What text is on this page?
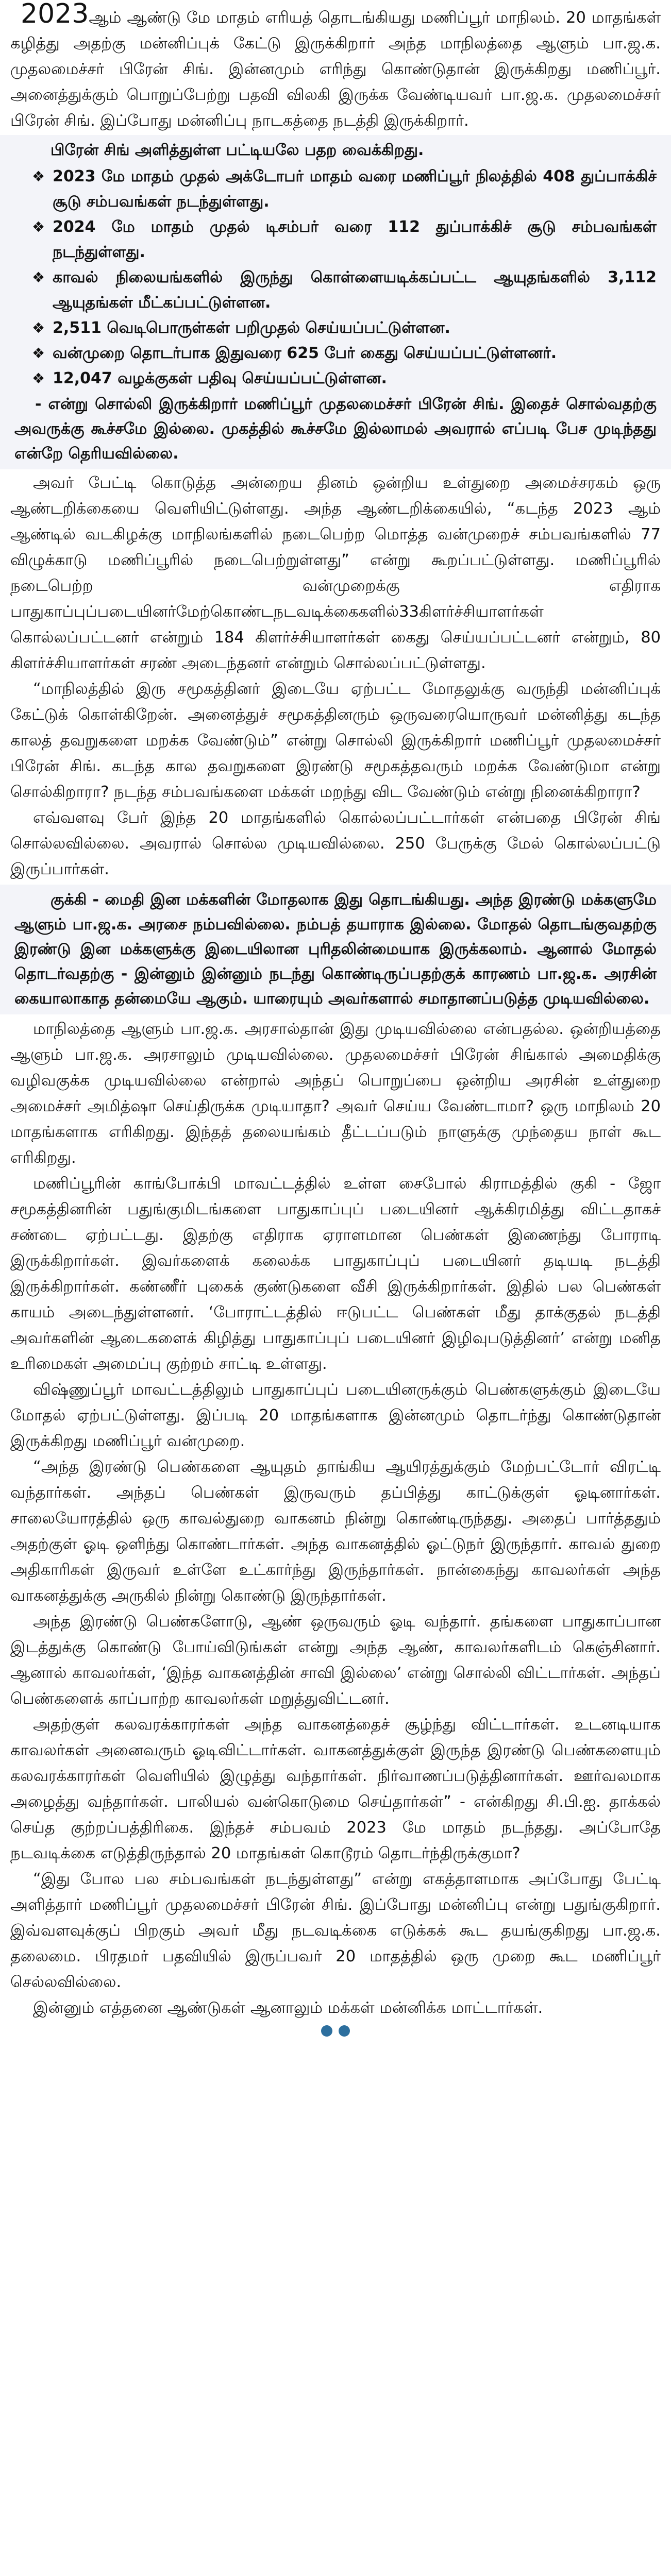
2023ஆம் ஆண்டு மே மாதம் எரியத் தொடங்கியது மணிப்பூர் மாநிலம். 20 மாதங்கள் கழித்து அதற்கு மன்னிப்புக் கேட்டு இருக்கிறார் அந்த மாநிலத்தை ஆளும் பா.ஜ.க. முதலமைச்சர் பிரேன் சிங். இன்னமும் எரிந்து கொண்டுதான் இருக்கிறது மணிப்பூர். அனைத்துக்கும் பொறுப்பேற்று பதவி விலகி இருக்க வேண்டியவர் பா.ஜ.க. முதலமைச்சர் பிரேன் சிங். இப்போது மன்னிப்பு நாடகத்தை நடத்தி இருக்கிறார்.

பிரேன் சிங் அளித்துள்ள பட்டியலே பதற வைக்கிறது.

❖ 2023 மே மாதம் முதல் அக்டோபர் மாதம் வரை மணிப்பூர் நிலத்தில் 408 துப்பாக்கிச் சூடு சம்பவங்கள் நடந்துள்ளது.
❖ 2024 மே மாதம் முதல் டிசம்பர் வரை 112 துப்பாக்கிச் சூடு சம்பவங்கள் நடந்துள்ளது.
❖ காவல் நிலையங்களில் இருந்து கொள்ளையடிக்கப்பட்ட ஆயுதங்களில் 3,112 ஆயுதங்கள் மீட்கப்பட்டுள்ளன.
❖ 2,511 வெடிபொருள்கள் பறிமுதல் செய்யப்பட்டுள்ளன.
❖ வன்முறை தொடர்பாக இதுவரை 625 பேர் கைது செய்யப்பட்டுள்ளனர்.
❖ 12,047 வழக்குகள் பதிவு செய்யப்பட்டுள்ளன.

- என்று சொல்லி இருக்கிறார் மணிப்பூர் முதலமைச்சர் பிரேன் சிங். இதைச் சொல்வதற்கு அவருக்கு கூச்சமே இல்லை. முகத்தில் கூச்சமே இல்லாமல் அவரால் எப்படி பேச முடிந்தது என்றே தெரியவில்லை.

அவர் பேட்டி கொடுத்த அன்றைய தினம் ஒன்றிய உள்துறை அமைச்சரகம் ஒரு ஆண்டறிக்கையை வெளியிட்டுள்ளது. அந்த ஆண்டறிக்கையில், “கடந்த 2023 ஆம் ஆண்டில் வடகிழக்கு மாநிலங்களில் நடைபெற்ற மொத்த வன்முறைச் சம்பவங்களில் 77 விழுக்காடு மணிப்பூரில் நடைபெற்றுள்ளது” என்று கூறப்பட்டுள்ளது. மணிப்பூரில் நடைபெற்ற வன்முறைக்கு எதிராக பாதுகாப்புப்படையினர்மேற்கொண்டநடவடிக்கைகளில்33கிளர்ச்சியாளர்கள் கொல்லப்பட்டனர் என்றும் 184 கிளர்ச்சியாளர்கள் கைது செய்யப்பட்டனர் என்றும், 80 கிளர்ச்சியாளர்கள் சரண் அடைந்தனர் என்றும் சொல்லப்பட்டுள்ளது.

“மாநிலத்தில் இரு சமூகத்தினர் இடையே ஏற்பட்ட மோதலுக்கு வருந்தி மன்னிப்புக் கேட்டுக் கொள்கிறேன். அனைத்துச் சமூகத்தினரும் ஒருவரையொருவர் மன்னித்து கடந்த காலத் தவறுகளை மறக்க வேண்டும்” என்று சொல்லி இருக்கிறார் மணிப்பூர் முதலமைச்சர் பிரேன் சிங். கடந்த கால தவறுகளை இரண்டு சமூகத்தவரும் மறக்க வேண்டுமா என்று சொல்கிறாரா? நடந்த சம்பவங்களை மக்கள் மறந்து விட வேண்டும் என்று நினைக்கிறாரா?

எவ்வளவு பேர் இந்த 20 மாதங்களில் கொல்லப்பட்டார்கள் என்பதை பிரேன் சிங் சொல்லவில்லை. அவரால் சொல்ல முடியவில்லை. 250 பேருக்கு மேல் கொல்லப்பட்டு இருப்பார்கள்.

குக்கி - மைதி இன மக்களின் மோதலாக இது தொடங்கியது. அந்த இரண்டு மக்களுமே ஆளும் பா.ஜ.க. அரசை நம்பவில்லை. நம்பத் தயாராக இல்லை. மோதல் தொடங்குவதற்கு இரண்டு இன மக்களுக்கு இடையிலான புரிதலின்மையாக இருக்கலாம். ஆனால் மோதல் தொடர்வதற்கு - இன்னும் இன்னும் நடந்து கொண்டிருப்பதற்குக் காரணம் பா.ஜ.க. அரசின் கையாலாகாத தன்மையே ஆகும். யாரையும் அவர்களால் சமாதானப்படுத்த முடியவில்லை.

மாநிலத்தை ஆளும் பா.ஜ.க. அரசால்தான் இது முடியவில்லை என்பதல்ல. ஒன்றியத்தை ஆளும் பா.ஜ.க. அரசாலும் முடியவில்லை. முதலமைச்சர் பிரேன் சிங்கால் அமைதிக்கு வழிவகுக்க முடியவில்லை என்றால் அந்தப் பொறுப்பை ஒன்றிய அரசின் உள்துறை அமைச்சர் அமித்ஷா செய்திருக்க முடியாதா? அவர் செய்ய வேண்டாமா? ஒரு மாநிலம் 20 மாதங்களாக எரிகிறது. இந்தத் தலையங்கம் தீட்டப்படும் நாளுக்கு முந்தைய நாள் கூட எரிகிறது.

மணிப்பூரின் காங்போக்பி மாவட்டத்தில் உள்ள சைபோல் கிராமத்தில் குகி - ஜோ சமூகத்தினரின் பதுங்குமிடங்களை பாதுகாப்புப் படையினர் ஆக்கிரமித்து விட்டதாகச் சண்டை ஏற்பட்டது. இதற்கு எதிராக ஏராளமான பெண்கள் இணைந்து போராடி இருக்கிறார்கள். இவர்களைக் கலைக்க பாதுகாப்புப் படையினர் தடியடி நடத்தி இருக்கிறார்கள். கண்ணீர் புகைக் குண்டுகளை வீசி இருக்கிறார்கள். இதில் பல பெண்கள் காயம் அடைந்துள்ளனர். ‘போராட்டத்தில் ஈடுபட்ட பெண்கள் மீது தாக்குதல் நடத்தி அவர்களின் ஆடைகளைக் கிழித்து பாதுகாப்புப் படையினர் இழிவுபடுத்தினர்’ என்று மனித உரிமைகள் அமைப்பு குற்றம் சாட்டி உள்ளது.

விஷ்ணுப்பூர் மாவட்டத்திலும் பாதுகாப்புப் படையினருக்கும் பெண்களுக்கும் இடையே மோதல் ஏற்பட்டுள்ளது. இப்படி 20 மாதங்களாக இன்னமும் தொடர்ந்து கொண்டுதான் இருக்கிறது மணிப்பூர் வன்முறை.

“அந்த இரண்டு பெண்களை ஆயுதம் தாங்கிய ஆயிரத்துக்கும் மேற்பட்டோர் விரட்டி வந்தார்கள். அந்தப் பெண்கள் இருவரும் தப்பித்து காட்டுக்குள் ஓடினார்கள். சாலையோரத்தில் ஒரு காவல்துறை வாகனம் நின்று கொண்டிருந்தது. அதைப் பார்த்ததும் அதற்குள் ஓடி ஒளிந்து கொண்டார்கள். அந்த வாகனத்தில் ஓட்டுநர் இருந்தார். காவல் துறை அதிகாரிகள் இருவர் உள்ளே உட்கார்ந்து இருந்தார்கள். நான்கைந்து காவலர்கள் அந்த வாகனத்துக்கு அருகில் நின்று கொண்டு இருந்தார்கள்.

அந்த இரண்டு பெண்களோடு, ஆண் ஒருவரும் ஓடி வந்தார். தங்களை பாதுகாப்பான இடத்துக்கு கொண்டு போய்விடுங்கள் என்று அந்த ஆண், காவலர்களிடம் கெஞ்சினார். ஆனால் காவலர்கள், ‘இந்த வாகனத்தின் சாவி இல்லை’ என்று சொல்லி விட்டார்கள். அந்தப் பெண்களைக் காப்பாற்ற காவலர்கள் மறுத்துவிட்டனர்.

அதற்குள் கலவரக்காரர்கள் அந்த வாகனத்தைச் சூழ்ந்து விட்டார்கள். உடனடியாக காவலர்கள் அனைவரும் ஓடிவிட்டார்கள். வாகனத்துக்குள் இருந்த இரண்டு பெண்களையும் கலவரக்காரர்கள் வெளியில் இழுத்து வந்தார்கள். நிர்வாணப்படுத்தினார்கள். ஊர்வலமாக அழைத்து வந்தார்கள். பாலியல் வன்கொடுமை செய்தார்கள்” - என்கிறது சி.பி.ஐ. தாக்கல் செய்த குற்றப்பத்திரிகை. இந்தச் சம்பவம் 2023 மே மாதம் நடந்தது. அப்போதே நடவடிக்கை எடுத்திருந்தால் 20 மாதங்கள் கொடூரம் தொடர்ந்திருக்குமா?

“இது போல பல சம்பவங்கள் நடந்துள்ளது” என்று எகத்தாளமாக அப்போது பேட்டி அளித்தார் மணிப்பூர் முதலமைச்சர் பிரேன் சிங். இப்போது மன்னிப்பு என்று பதுங்குகிறார். இவ்வளவுக்குப் பிறகும் அவர் மீது நடவடிக்கை எடுக்கக் கூட தயங்குகிறது பா.ஜ.க. தலைமை. பிரதமர் பதவியில் இருப்பவர் 20 மாதத்தில் ஒரு முறை கூட மணிப்பூர் செல்லவில்லை.

இன்னும் எத்தனை ஆண்டுகள் ஆனாலும் மக்கள் மன்னிக்க மாட்டார்கள்.
